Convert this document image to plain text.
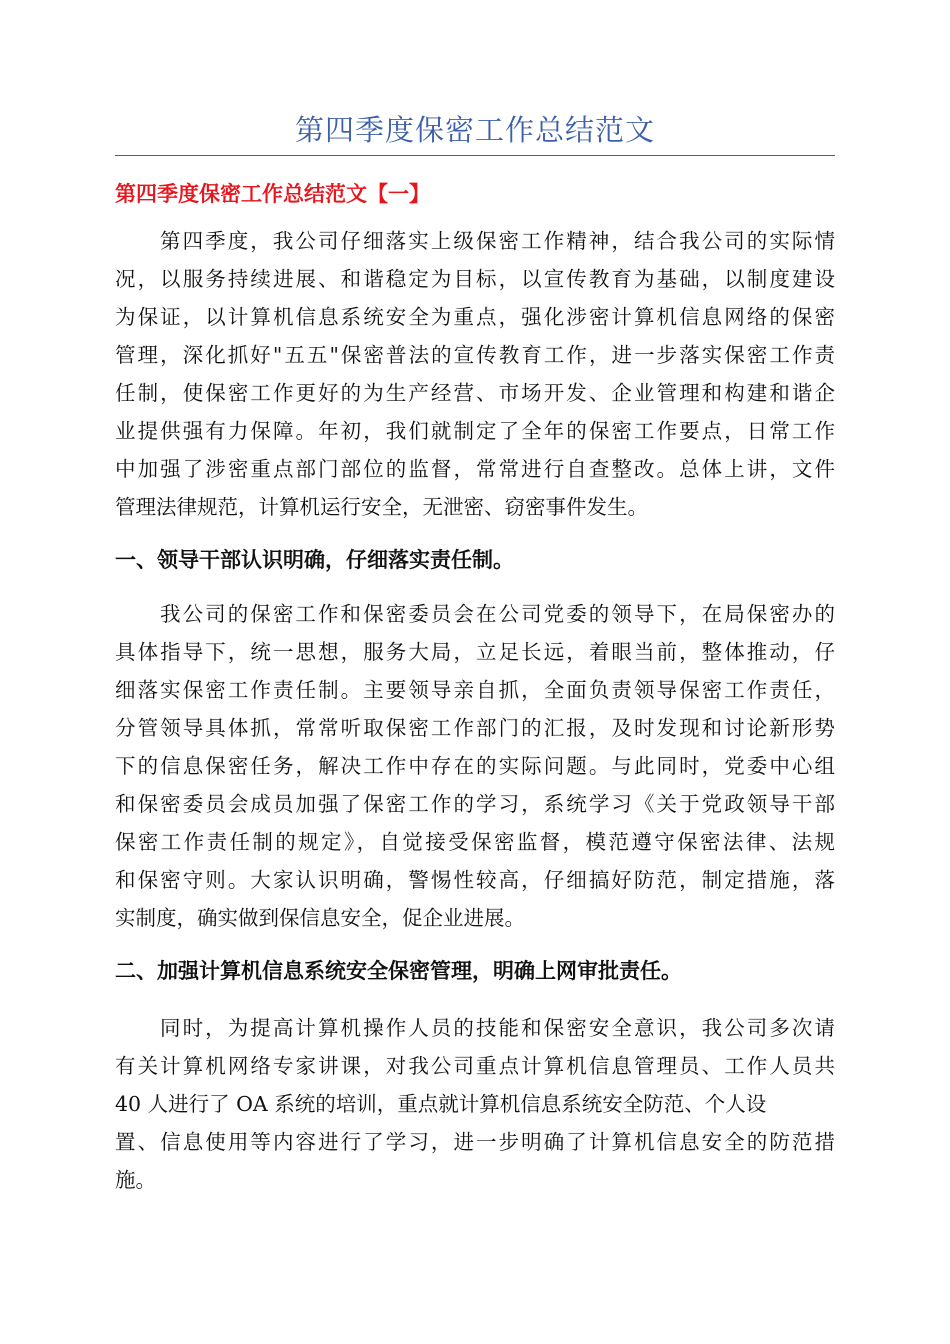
第四季度保密工作总结范文
第四季度保密工作总结范文【一】
第四季度，我公司仔细落实上级保密工作精神，结合我公司的实际情
况，以服务持续进展、和谐稳定为目标，以宣传教育为基础，以制度建设
为保证，以计算机信息系统安全为重点，强化涉密计算机信息网络的保密
管理，深化抓好"五五"保密普法的宣传教育工作，进一步落实保密工作责
任制，使保密工作更好的为生产经营、市场开发、企业管理和构建和谐企
业提供强有力保障。年初，我们就制定了全年的保密工作要点，日常工作
中加强了涉密重点部门部位的监督，常常进行自查整改。总体上讲，文件
管理法律规范，计算机运行安全，无泄密、窃密事件发生。
一、领导干部认识明确，仔细落实责任制。
我公司的保密工作和保密委员会在公司党委的领导下，在局保密办的
具体指导下，统一思想，服务大局，立足长远，着眼当前，整体推动，仔
细落实保密工作责任制。主要领导亲自抓，全面负责领导保密工作责任，
分管领导具体抓，常常听取保密工作部门的汇报，及时发现和讨论新形势
下的信息保密任务，解决工作中存在的实际问题。与此同时，党委中心组
和保密委员会成员加强了保密工作的学习，系统学习《关于党政领导干部
保密工作责任制的规定》，自觉接受保密监督，模范遵守保密法律、法规
和保密守则。大家认识明确，警惕性较高，仔细搞好防范，制定措施，落
实制度，确实做到保信息安全，促企业进展。
二、加强计算机信息系统安全保密管理，明确上网审批责任。
同时，为提高计算机操作人员的技能和保密安全意识，我公司多次请
有关计算机网络专家讲课，对我公司重点计算机信息管理员、工作人员共
40 人进行了 OA 系统的培训，重点就计算机信息系统安全防范、个人设
置、信息使用等内容进行了学习，进一步明确了计算机信息安全的防范措
施。
